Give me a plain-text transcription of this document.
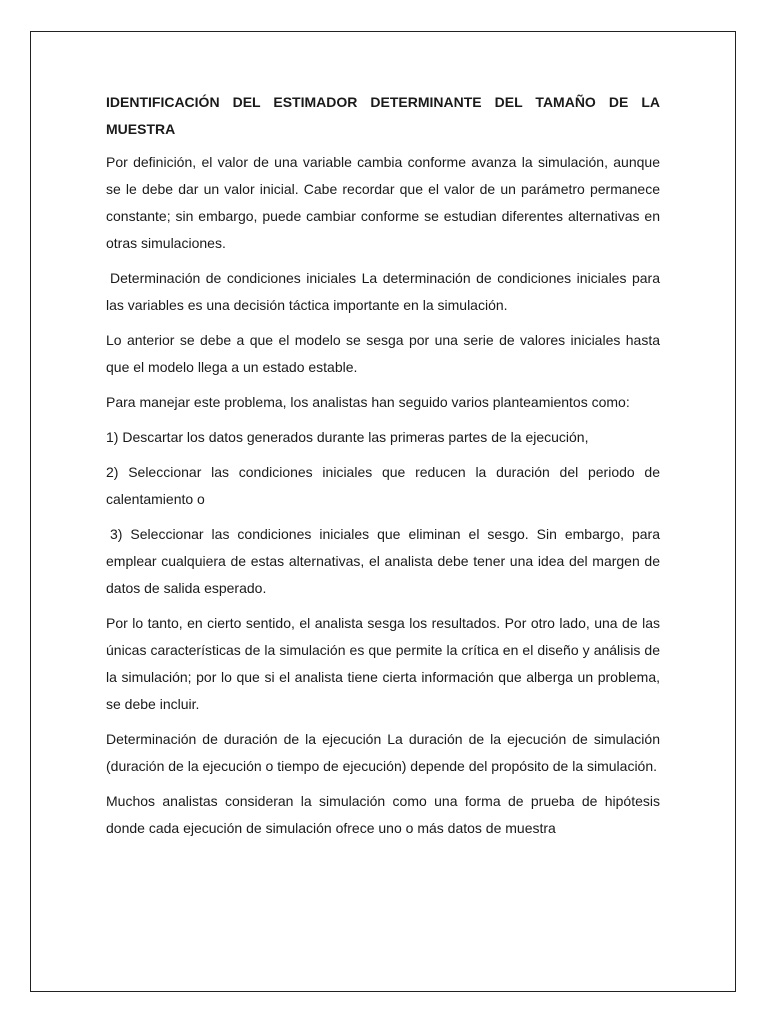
IDENTIFICACIÓN DEL ESTIMADOR DETERMINANTE DEL TAMAÑO DE LA MUESTRA

Por definición, el valor de una variable cambia conforme avanza la simulación, aunque se le debe dar un valor inicial. Cabe recordar que el valor de un parámetro permanece constante; sin embargo, puede cambiar conforme se estudian diferentes alternativas en otras simulaciones.

Determinación de condiciones iniciales La determinación de condiciones iniciales para las variables es una decisión táctica importante en la simulación.

Lo anterior se debe a que el modelo se sesga por una serie de valores iniciales hasta que el modelo llega a un estado estable.

Para manejar este problema, los analistas han seguido varios planteamientos como:

1) Descartar los datos generados durante las primeras partes de la ejecución,

2) Seleccionar las condiciones iniciales que reducen la duración del periodo de calentamiento o

3) Seleccionar las condiciones iniciales que eliminan el sesgo. Sin embargo, para emplear cualquiera de estas alternativas, el analista debe tener una idea del margen de datos de salida esperado.

Por lo tanto, en cierto sentido, el analista sesga los resultados. Por otro lado, una de las únicas características de la simulación es que permite la crítica en el diseño y análisis de la simulación; por lo que si el analista tiene cierta información que alberga un problema, se debe incluir.

Determinación de duración de la ejecución La duración de la ejecución de simulación (duración de la ejecución o tiempo de ejecución) depende del propósito de la simulación.

Muchos analistas consideran la simulación como una forma de prueba de hipótesis donde cada ejecución de simulación ofrece uno o más datos de muestra
